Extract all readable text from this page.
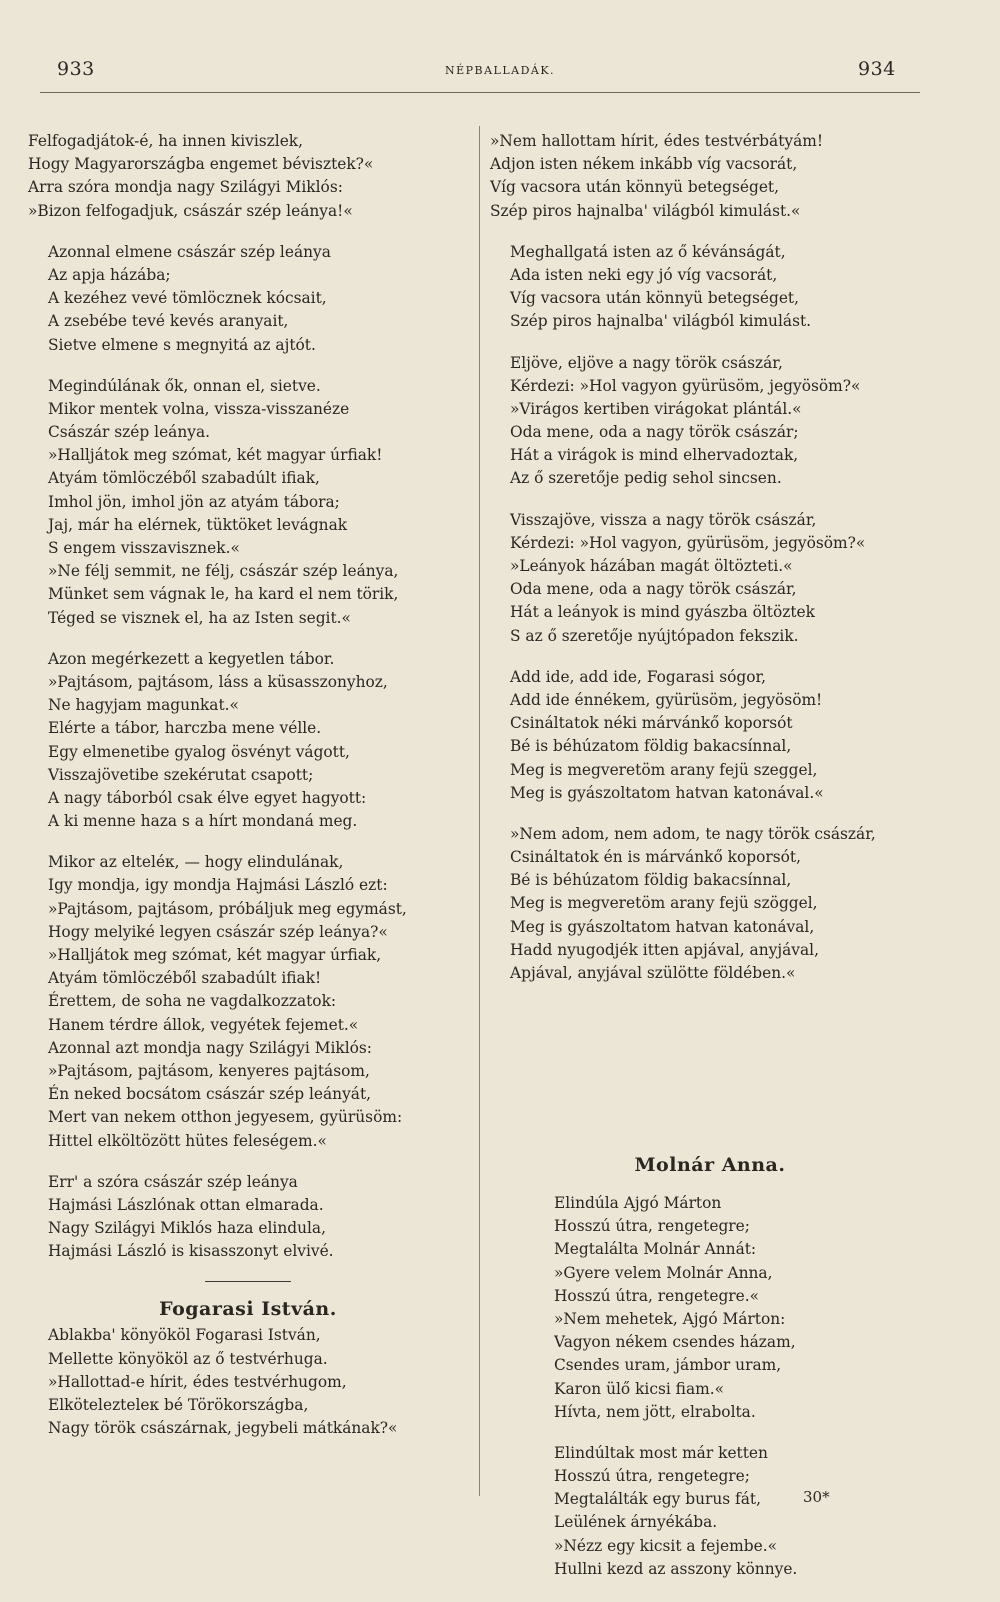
933	NÉPBALLADÁK.	934
Felfogadjátok-é, ha innen kiviszlek,
Hogy Magyarországba engemet bévisztek?«
Arra szóra mondja nagy Szilágyi Miklós:
»Bizon felfogadjuk, császár szép leánya!«
Azonnal elmene császár szép leánya
Az apja házába;
A kezéhez vevé tömlöcznek kócsait,
A zsebébe tevé kevés aranyait,
Sietve elmene s megnyitá az ajtót.
Megindúlának ők, onnan el, sietve.
Mikor mentek volna, vissza-visszanéze
Császár szép leánya.
»Halljátok meg szómat, két magyar úrfiak!
Atyám tömlöczéből szabadúlt ifiak,
Imhol jön, imhol jön az atyám tábora;
Jaj, már ha elérnek, tüktöket levágnak
S engem visszavisznek.«
»Ne félj semmit, ne félj, császár szép leánya,
Münket sem vágnak le, ha kard el nem törik,
Téged se visznek el, ha az Isten segit.«
Azon megérkezett a kegyetlen tábor.
»Pajtásom, pajtásom, láss a küsasszonyhoz,
Ne hagyjam magunkat.«
Elérte a tábor, harczba mene vélle.
Egy elmenetibe gyalog ösvényt vágott,
Visszajövetibe szekérutat csapott;
A nagy táborból csak élve egyet hagyott:
A ki menne haza s a hírt mondaná meg.
Mikor az elteléк, — hogy elindulának,
Igy mondja, igy mondja Hajmási László ezt:
»Pajtásom, pajtásom, próbáljuk meg egymást,
Hogy melyiké legyen császár szép leánya?«
»Halljátok meg szómat, két magyar úrfiak,
Atyám tömlöczéből szabadúlt ifiak!
Érettem, de soha ne vagdalkozzatok:
Hanem térdre állok, vegyétek fejemet.«
Azonnal azt mondja nagy Szilágyi Miklós:
»Pajtásom, pajtásom, kenyeres pajtásom,
Én neked bocsátom császár szép leányát,
Mert van nekem otthon jegyesem, gyürüsöm:
Hittel elköltözött hütes feleségem.«
Err' a szóra császár szép leánya
Hajmási Lászlónak ottan elmarada.
Nagy Szilágyi Miklós haza elindula,
Hajmási László is kisasszonyt elvivé.
Fogarasi István.
Ablakba' könyököl Fogarasi István,
Mellette könyököl az ő testvérhuga.
»Hallottad-e hírit, édes testvérhugom,
Elkötelezteleк bé Törökországba,
Nagy török császárnak, jegybeli mátkának?«
»Nem hallottam hírit, édes testvérbátyám!
Adjon isten nékem inkább víg vacsorát,
Víg vacsora után könnyü betegséget,
Szép piros hajnalba' világból kimulást.«
Meghallgatá isten az ő kévánságát,
Ada isten neki egy jó víg vacsorát,
Víg vacsora után könnyü betegséget,
Szép piros hajnalba' világból kimulást.
Eljöve, eljöve a nagy török császár,
Kérdezi: »Hol vagyon gyürüsöm, jegyösöm?«
»Virágos kertiben virágokat plántál.«
Oda mene, oda a nagy török császár;
Hát a virágok is mind elhervadoztak,
Az ő szeretője pedig sehol sincsen.
Visszajöve, vissza a nagy török császár,
Kérdezi: »Hol vagyon, gyürüsöm, jegyösöm?«
»Leányok házában magát öltözteti.«
Oda mene, oda a nagy török császár,
Hát a leányok is mind gyászba öltöztek
S az ő szeretője nyújtópadon fekszik.
Add ide, add ide, Fogarasi sógor,
Add ide énnékem, gyürüsöm, jegyösöm!
Csináltatok néki márvánkő koporsót
Bé is béhúzatom földig bakacsínnal,
Meg is megveretöm arany fejü szeggel,
Meg is gyászoltatom hatvan katonával.«
»Nem adom, nem adom, te nagy török császár,
Csináltatok én is márvánkő koporsót,
Bé is béhúzatom földig bakacsínnal,
Meg is megveretöm arany fejü szöggel,
Meg is gyászoltatom hatvan katonával,
Hadd nyugodjék itten apjával, anyjával,
Apjával, anyjával szülötte földében.«
Molnár Anna.
Elindúla Ajgó Márton
Hosszú útra, rengetegre;
Megtalálta Molnár Annát:
»Gyere velem Molnár Anna,
Hosszú útra, rengetegre.«
»Nem mehetek, Ajgó Márton:
Vagyon nékem csendes házam,
Csendes uram, jámbor uram,
Karon ülő kicsi fiam.«
Hívta, nem jött, elrabolta.
Elindúltak most már ketten
Hosszú útra, rengetegre;
Megtalálták egy burus fát,
Leülének árnyékába.
»Nézz egy kicsit a fejembe.«
Hullni kezd az asszony könnye.
30*
